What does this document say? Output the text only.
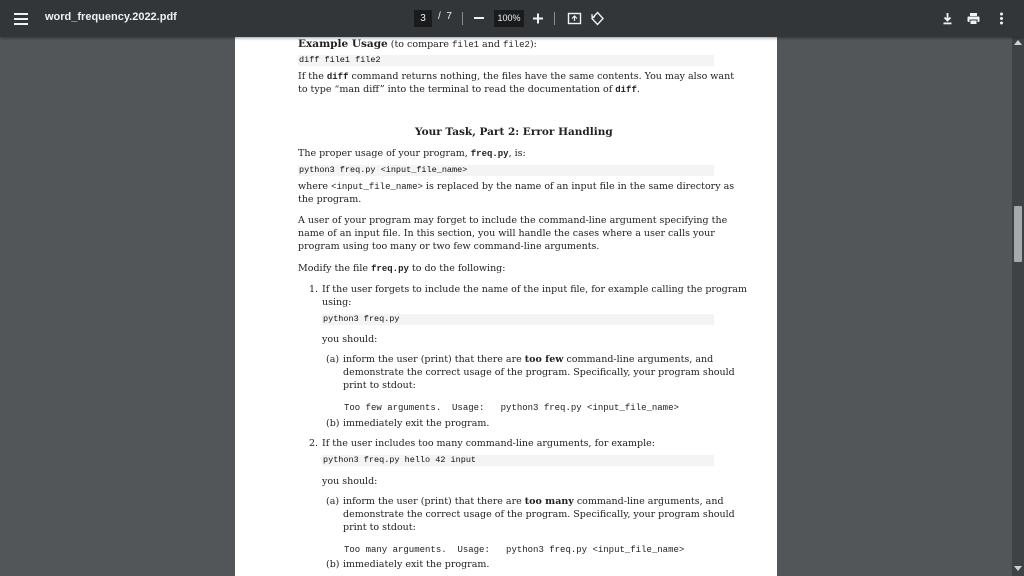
word_frequency.2022.pdf	3	/ 7	100%
Example Usage (to compare file1 and file2):
diff file1 file2
If the diff command returns nothing, the files have the same contents. You may also want
to type “man diff” into the terminal to read the documentation of diff.
Your Task, Part 2: Error Handling
The proper usage of your program, freq.py, is:
python3 freq.py <input_file_name>
where <input_file_name> is replaced by the name of an input file in the same directory as
the program.
A user of your program may forget to include the command-line argument specifying the
name of an input file. In this section, you will handle the cases where a user calls your
program using too many or two few command-line arguments.
Modify the file freq.py to do the following:
1. If the user forgets to include the name of the input file, for example calling the program
using:
python3 freq.py
you should:
(a) inform the user (print) that there are too few command-line arguments, and
demonstrate the correct usage of the program. Specifically, your program should
print to stdout:
Too few arguments. Usage: python3 freq.py <input_file_name>
(b) immediately exit the program.
2. If the user includes too many command-line arguments, for example:
python3 freq.py hello 42 input
you should:
(a) inform the user (print) that there are too many command-line arguments, and
demonstrate the correct usage of the program. Specifically, your program should
print to stdout:
Too many arguments. Usage: python3 freq.py <input_file_name>
(b) immediately exit the program.
